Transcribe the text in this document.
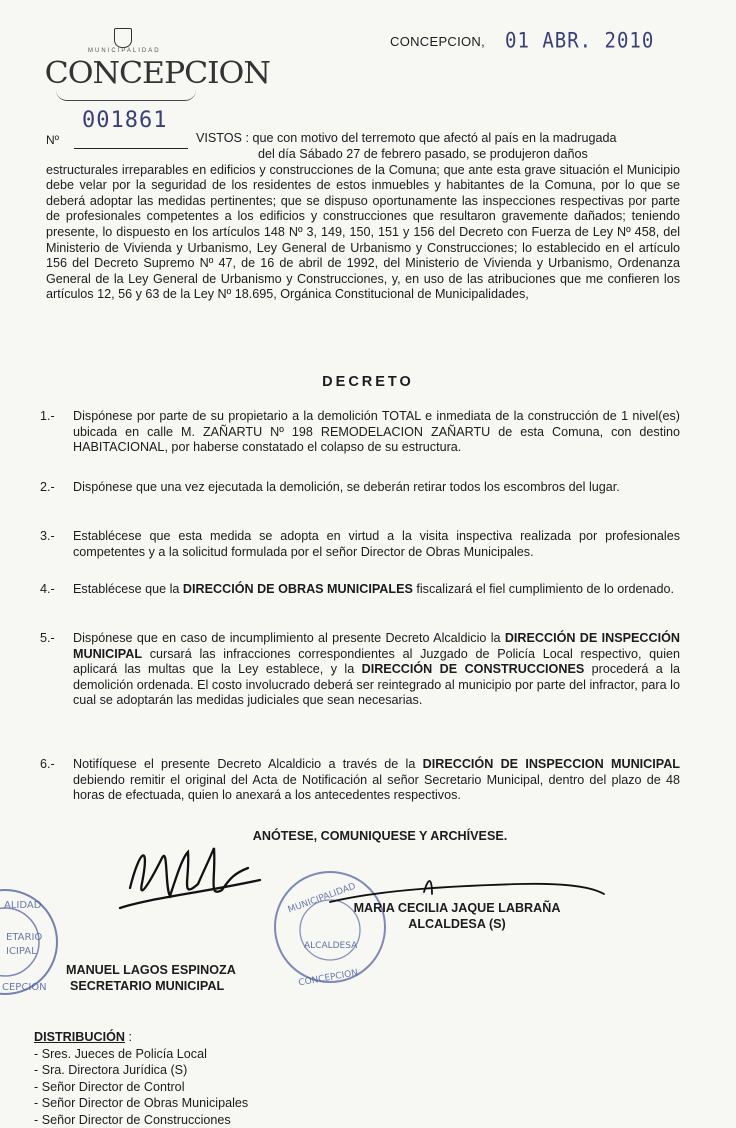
MUNICIPALIDAD
CONCEPCION
CONCEPCION, 01 ABR. 2010
Nº
001861
VISTOS : que con motivo del terremoto que afectó al país en la madrugada
del día Sábado 27 de febrero pasado, se produjeron daños
estructurales irreparables en edificios y construcciones de la Comuna; que ante esta grave situación el Municipio debe velar por la seguridad de los residentes de estos inmuebles y habitantes de la Comuna, por lo que se deberá adoptar las medidas pertinentes; que se dispuso oportunamente las inspecciones respectivas por parte de profesionales competentes a los edificios y construcciones que resultaron gravemente dañados; teniendo presente, lo dispuesto en los artículos 148 Nº 3, 149, 150, 151 y 156 del Decreto con Fuerza de Ley Nº 458, del Ministerio de Vivienda y Urbanismo, Ley General de Urbanismo y Construcciones; lo establecido en el artículo 156 del Decreto Supremo Nº 47, de 16 de abril de 1992, del Ministerio de Vivienda y Urbanismo, Ordenanza General de la Ley General de Urbanismo y Construcciones, y, en uso de las atribuciones que me confieren los artículos 12, 56 y 63 de la Ley Nº 18.695, Orgánica Constitucional de Municipalidades,
DECRETO
1.- Dispónese por parte de su propietario a la demolición TOTAL e inmediata de la construcción de 1 nivel(es) ubicada en calle M. ZAÑARTU Nº 198 REMODELACION ZAÑARTU de esta Comuna, con destino HABITACIONAL, por haberse constatado el colapso de su estructura.
2.- Dispónese que una vez ejecutada la demolición, se deberán retirar todos los escombros del lugar.
3.- Establécese que esta medida se adopta en virtud a la visita inspectiva realizada por profesionales competentes y a la solicitud formulada por el señor Director de Obras Municipales.
4.- Establécese que la DIRECCIÓN DE OBRAS MUNICIPALES fiscalizará el fiel cumplimiento de lo ordenado.
5.- Dispónese que en caso de incumplimiento al presente Decreto Alcaldicio la DIRECCIÓN DE INSPECCIÓN MUNICIPAL cursará las infracciones correspondientes al Juzgado de Policía Local respectivo, quien aplicará las multas que la Ley establece, y la DIRECCIÓN DE CONSTRUCCIONES procederá a la demolición ordenada. El costo involucrado deberá ser reintegrado al municipio por parte del infractor, para lo cual se adoptarán las medidas judiciales que sean necesarias.
6.- Notifíquese el presente Decreto Alcaldicio a través de la DIRECCIÓN DE INSPECCION MUNICIPAL debiendo remitir el original del Acta de Notificación al señor Secretario Municipal, dentro del plazo de 48 horas de efectuada, quien lo anexará a los antecedentes respectivos.
ANÓTESE, COMUNIQUESE Y ARCHÍVESE.
ALIDAD
ETARIO
ICIPAL
CEPCION
MUNICIPALIDAD
ALCALDESA
CONCEPCION
MARIA CECILIA JAQUE LABRAÑA
ALCALDESA (S)
MANUEL LAGOS ESPINOZA
SECRETARIO MUNICIPAL
DISTRIBUCIÓN :
- Sres. Jueces de Policía Local
- Sra. Directora Jurídica (S)
- Señor Director de Control
- Señor Director de Obras Municipales
- Señor Director de Construcciones
